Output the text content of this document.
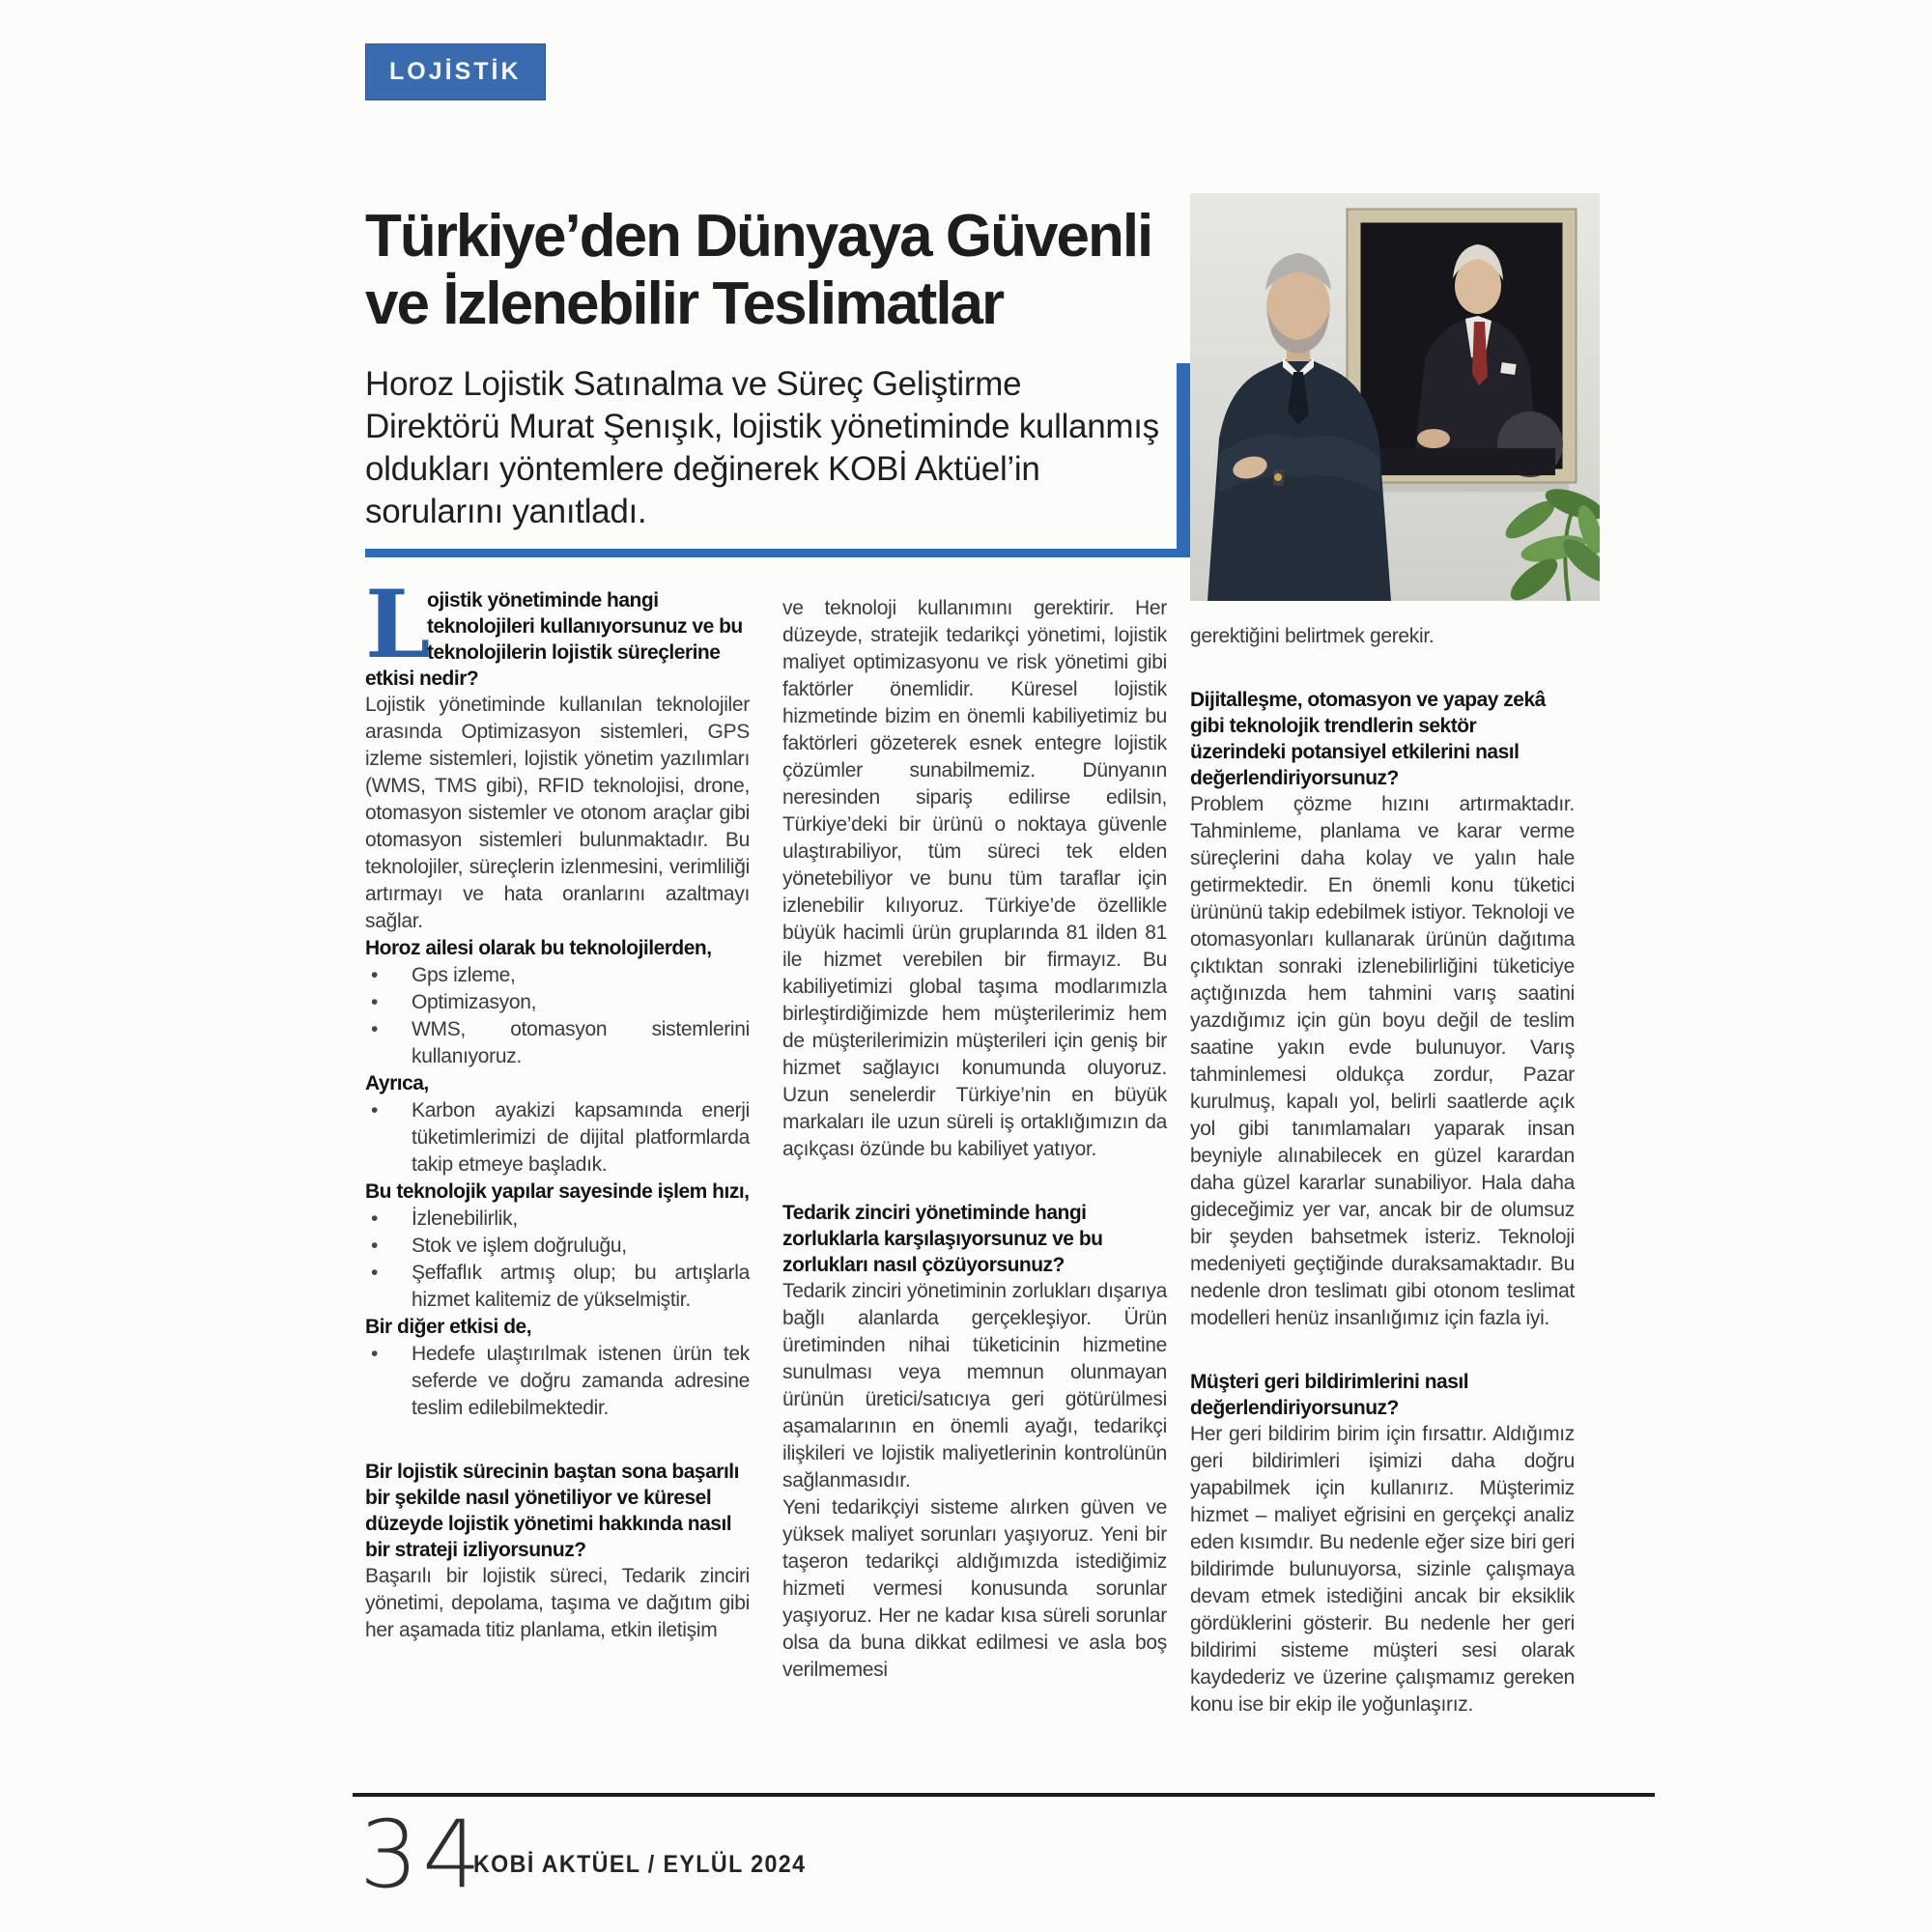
LOJİSTİK
Türkiye’den Dünyaya Güvenli
ve İzlenebilir Teslimatlar

Horoz Lojistik Satınalma ve Süreç Geliştirme Direktörü Murat Şenışık, lojistik yönetiminde kullanmış oldukları yöntemlere değinerek KOBİ Aktüel’in sorularını yanıtladı.

L
ojistik yönetiminde hangi teknolojileri kullanıyorsunuz ve bu teknolojilerin lojistik süreçlerine etkisi nedir?

Lojistik yönetiminde kullanılan teknolojiler arasında Optimizasyon sistemleri, GPS izleme sistemleri, lojistik yönetim yazılımları (WMS, TMS gibi), RFID teknolojisi, drone, otomasyon sistemler ve otonom araçlar gibi otomasyon sistemleri bulunmaktadır. Bu teknolojiler, süreçlerin izlenmesini, verimliliği artırmayı ve hata oranlarını azaltmayı sağlar.

Horoz ailesi olarak bu teknolojilerden,
• Gps izleme,
• Optimizasyon,
• WMS, otomasyon sistemlerini kullanıyoruz.
Ayrıca,
• Karbon ayakizi kapsamında enerji tüketimlerimizi de dijital platformlarda takip etmeye başladık.
Bu teknolojik yapılar sayesinde işlem hızı,
• İzlenebilirlik,
• Stok ve işlem doğruluğu,
• Şeffaflık artmış olup; bu artışlarla hizmet kalitemiz de yükselmiştir.
Bir diğer etkisi de,
• Hedefe ulaştırılmak istenen ürün tek seferde ve doğru zamanda adresine teslim edilebilmektedir.
Bir lojistik sürecinin baştan sona başarılı bir şekilde nasıl yönetiliyor ve küresel düzeyde lojistik yönetimi hakkında nasıl bir strateji izliyorsunuz?

Başarılı bir lojistik süreci, Tedarik zinciri yönetimi, depolama, taşıma ve dağıtım gibi her aşamada titiz planlama, etkin iletişim

ve teknoloji kullanımını gerektirir. Her düzeyde, stratejik tedarikçi yönetimi, lojistik maliyet optimizasyonu ve risk yönetimi gibi faktörler önemlidir. Küresel lojistik hizmetinde bizim en önemli kabiliyetimiz bu faktörleri gözeterek esnek entegre lojistik çözümler sunabilmemiz. Dünyanın neresinden sipariş edilirse edilsin, Türkiye’deki bir ürünü o noktaya güvenle ulaştırabiliyor, tüm süreci tek elden yönetebiliyor ve bunu tüm taraflar için izlenebilir kılıyoruz. Türkiye’de özellikle büyük hacimli ürün gruplarında 81 ilden 81 ile hizmet verebilen bir firmayız. Bu kabiliyetimizi global taşıma modlarımızla birleştirdiğimizde hem müşterilerimiz hem de müşterilerimizin müşterileri için geniş bir hizmet sağlayıcı konumunda oluyoruz. Uzun senelerdir Türkiye’nin en büyük markaları ile uzun süreli iş ortaklığımızın da açıkçası özünde bu kabiliyet yatıyor.

Tedarik zinciri yönetiminde hangi zorluklarla karşılaşıyorsunuz ve bu zorlukları nasıl çözüyorsunuz?

Tedarik zinciri yönetiminin zorlukları dışarıya bağlı alanlarda gerçekleşiyor. Ürün üretiminden nihai tüketicinin hizmetine sunulması veya memnun olunmayan ürünün üretici/satıcıya geri götürülmesi aşamalarının en önemli ayağı, tedarikçi ilişkileri ve lojistik maliyetlerinin kontrolünün sağlanmasıdır.

Yeni tedarikçiyi sisteme alırken güven ve yüksek maliyet sorunları yaşıyoruz. Yeni bir taşeron tedarikçi aldığımızda istediğimiz hizmeti vermesi konusunda sorunlar yaşıyoruz. Her ne kadar kısa süreli sorunlar olsa da buna dikkat edilmesi ve asla boş verilmemesi

gerektiğini belirtmek gerekir.

Dijitalleşme, otomasyon ve yapay zekâ gibi teknolojik trendlerin sektör üzerindeki potansiyel etkilerini nasıl değerlendiriyorsunuz?

Problem çözme hızını artırmaktadır. Tahminleme, planlama ve karar verme süreçlerini daha kolay ve yalın hale getirmektedir. En önemli konu tüketici ürününü takip edebilmek istiyor. Teknoloji ve otomasyonları kullanarak ürünün dağıtıma çıktıktan sonraki izlenebilirliğini tüketiciye açtığınızda hem tahmini varış saatini yazdığımız için gün boyu değil de teslim saatine yakın evde bulunuyor. Varış tahminlemesi oldukça zordur, Pazar kurulmuş, kapalı yol, belirli saatlerde açık yol gibi tanımlamaları yaparak insan beyniyle alınabilecek en güzel karardan daha güzel kararlar sunabiliyor. Hala daha gideceğimiz yer var, ancak bir de olumsuz bir şeyden bahsetmek isteriz. Teknoloji medeniyeti geçtiğinde duraksamaktadır. Bu nedenle dron teslimatı gibi otonom teslimat modelleri henüz insanlığımız için fazla iyi.

Müşteri geri bildirimlerini nasıl değerlendiriyorsunuz?

Her geri bildirim birim için fırsattır. Aldığımız geri bildirimleri işimizi daha doğru yapabilmek için kullanırız. Müşterimiz hizmet – maliyet eğrisini en gerçekçi analiz eden kısımdır. Bu nedenle eğer size biri geri bildirimde bulunuyorsa, sizinle çalışmaya devam etmek istediğini ancak bir eksiklik gördüklerini gösterir. Bu nedenle her geri bildirimi sisteme müşteri sesi olarak kaydederiz ve üzerine çalışmamız gereken konu ise bir ekip ile yoğunlaşırız.

34
KOBİ AKTÜEL / EYLÜL 2024
